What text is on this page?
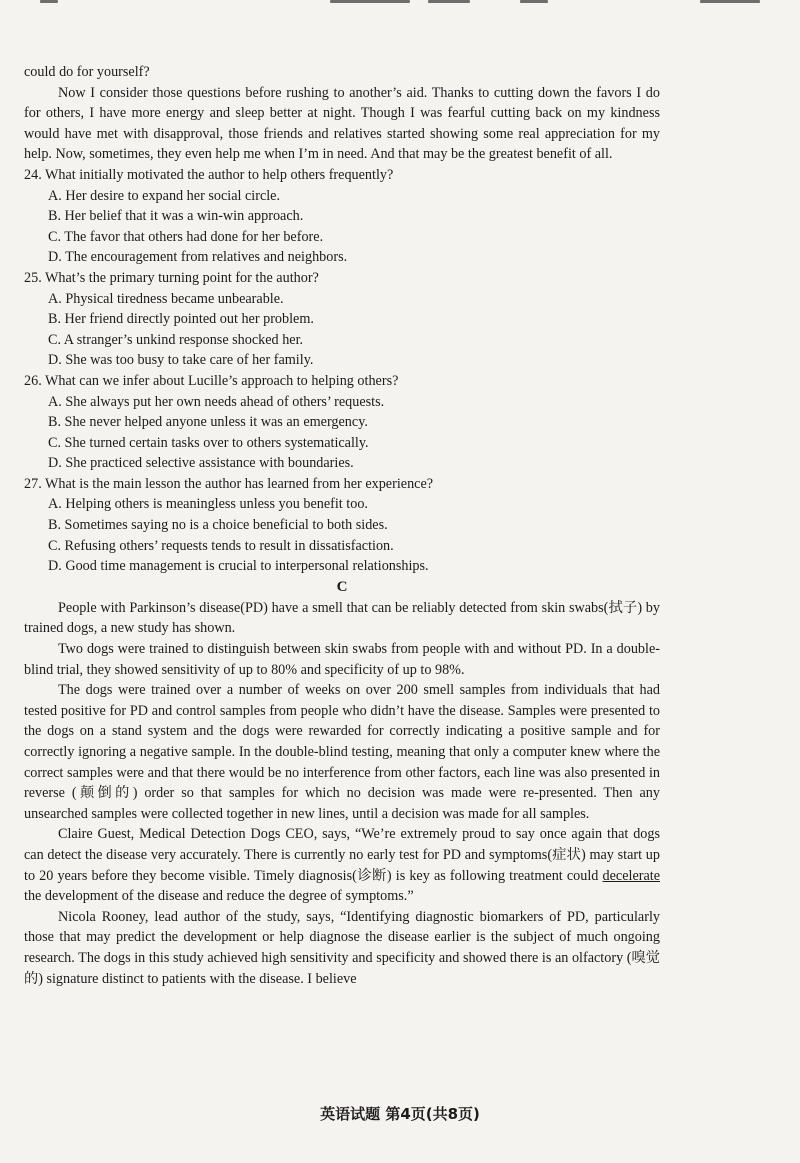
could do for yourself?

Now I consider those questions before rushing to another’s aid. Thanks to cutting down the favors I do for others, I have more energy and sleep better at night. Though I was fearful cutting back on my kindness would have met with disapproval, those friends and relatives started showing some real appreciation for my help. Now, sometimes, they even help me when I’m in need. And that may be the greatest benefit of all.

24. What initially motivated the author to help others frequently?

A. Her desire to expand her social circle.

B. Her belief that it was a win-win approach.

C. The favor that others had done for her before.

D. The encouragement from relatives and neighbors.

25. What’s the primary turning point for the author?

A. Physical tiredness became unbearable.

B. Her friend directly pointed out her problem.

C. A stranger’s unkind response shocked her.

D. She was too busy to take care of her family.

26. What can we infer about Lucille’s approach to helping others?

A. She always put her own needs ahead of others’ requests.

B. She never helped anyone unless it was an emergency.

C. She turned certain tasks over to others systematically.

D. She practiced selective assistance with boundaries.

27. What is the main lesson the author has learned from her experience?

A. Helping others is meaningless unless you benefit too.

B. Sometimes saying no is a choice beneficial to both sides.

C. Refusing others’ requests tends to result in dissatisfaction.

D. Good time management is crucial to interpersonal relationships.

C

People with Parkinson’s disease(PD) have a smell that can be reliably detected from skin swabs(拭子) by trained dogs, a new study has shown.

Two dogs were trained to distinguish between skin swabs from people with and without PD. In a double-blind trial, they showed sensitivity of up to 80% and specificity of up to 98%.

The dogs were trained over a number of weeks on over 200 smell samples from individuals that had tested positive for PD and control samples from people who didn’t have the disease. Samples were presented to the dogs on a stand system and the dogs were rewarded for correctly indicating a positive sample and for correctly ignoring a negative sample. In the double-blind testing, meaning that only a computer knew where the correct samples were and that there would be no interference from other factors, each line was also presented in reverse (颠倒的) order so that samples for which no decision was made were re-presented. Then any unsearched samples were collected together in new lines, until a decision was made for all samples.

Claire Guest, Medical Detection Dogs CEO, says, “We’re extremely proud to say once again that dogs can detect the disease very accurately. There is currently no early test for PD and symptoms(症状) may start up to 20 years before they become visible. Timely diagnosis(诊断) is key as following treatment could decelerate the development of the disease and reduce the degree of symptoms.”

Nicola Rooney, lead author of the study, says, “Identifying diagnostic biomarkers of PD, particularly those that may predict the development or help diagnose the disease earlier is the subject of much ongoing research. The dogs in this study achieved high sensitivity and specificity and showed there is an olfactory (嗅觉的) signature distinct to patients with the disease. I believe

英语试题 第4页(共8页)
